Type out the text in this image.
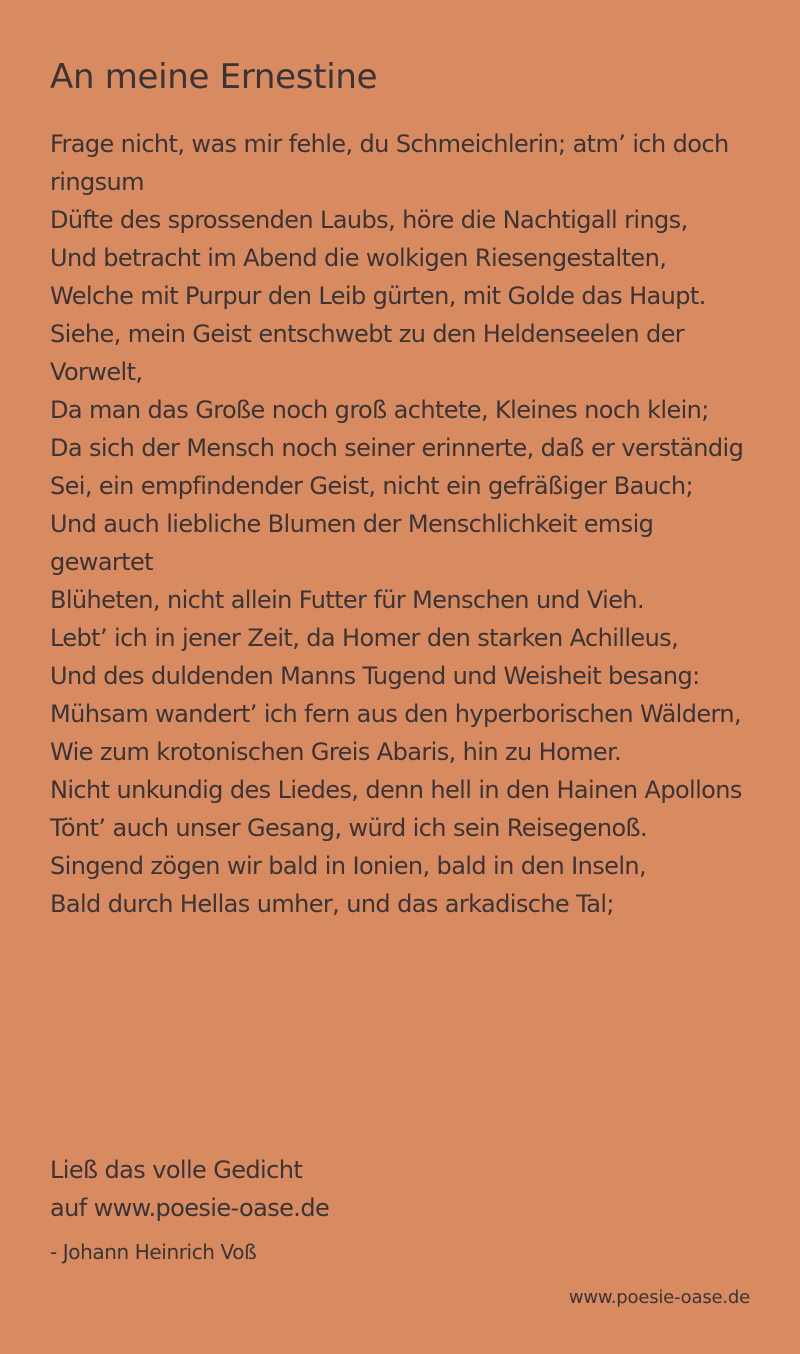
An meine Ernestine
Frage nicht, was mir fehle, du Schmeichlerin; atm’ ich doch ringsum
Düfte des sprossenden Laubs, höre die Nachtigall rings,
Und betracht im Abend die wolkigen Riesengestalten,
Welche mit Purpur den Leib gürten, mit Golde das Haupt.
Siehe, mein Geist entschwebt zu den Heldenseelen der Vorwelt,
Da man das Große noch groß achtete, Kleines noch klein;
Da sich der Mensch noch seiner erinnerte, daß er verständig
Sei, ein empfindender Geist, nicht ein gefräßiger Bauch;
Und auch liebliche Blumen der Menschlichkeit emsig gewartet
Blüheten, nicht allein Futter für Menschen und Vieh.
Lebt’ ich in jener Zeit, da Homer den starken Achilleus,
Und des duldenden Manns Tugend und Weisheit besang:
Mühsam wandert’ ich fern aus den hyperborischen Wäldern,
Wie zum krotonischen Greis Abaris, hin zu Homer.
Nicht unkundig des Liedes, denn hell in den Hainen Apollons
Tönt’ auch unser Gesang, würd ich sein Reisegenoß.
Singend zögen wir bald in Ionien, bald in den Inseln,
Bald durch Hellas umher, und das arkadische Tal;
Ließ das volle Gedicht
auf www.poesie-oase.de
- Johann Heinrich Voß
www.poesie-oase.de
